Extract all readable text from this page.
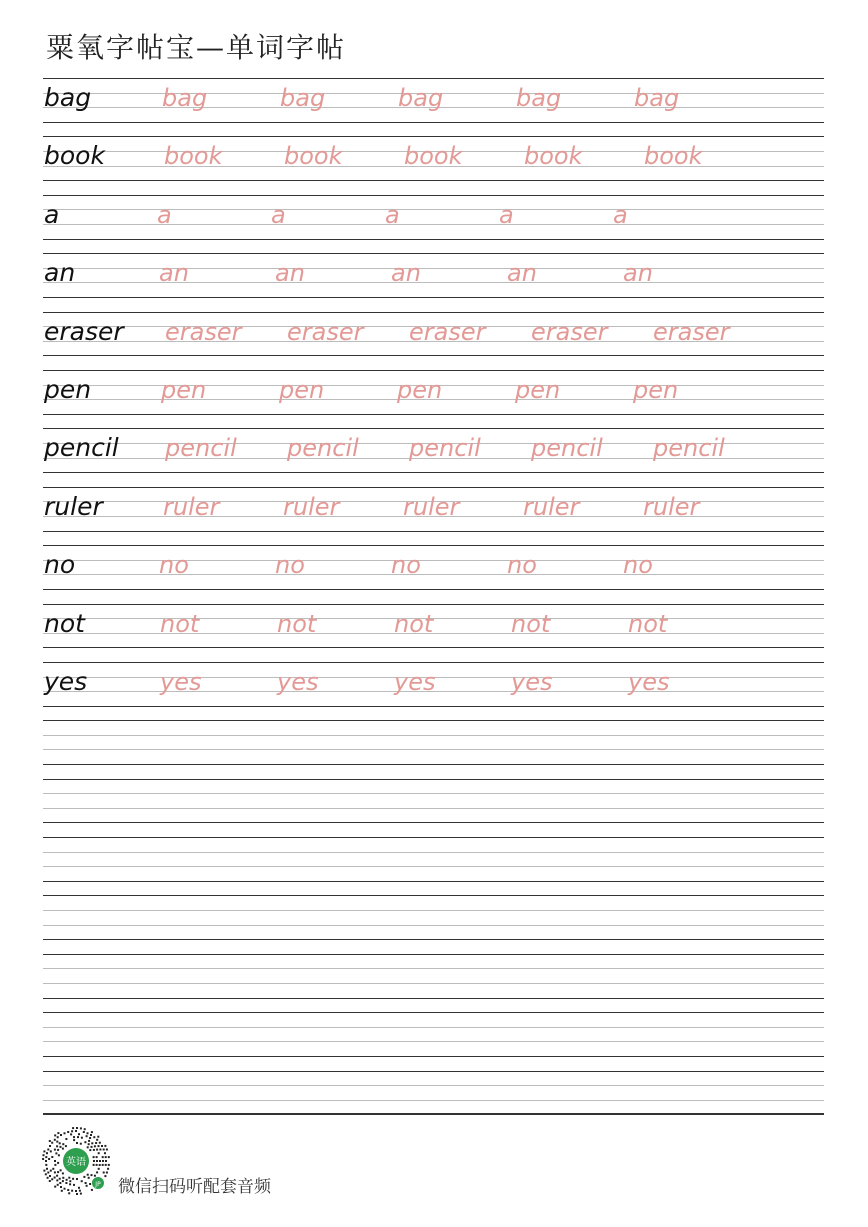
粟氧字帖宝—单词字帖
bag	bag	bag	bag	bag	bag
book book	book	book	book	book
a	a	a	a	a	a
an	an	an	an	an	an
eraser eraser eraser eraser eraser eraser
pen	pen	pen	pen	pen	pen
pencil pencil pencil pencil pencil pencil
ruler	ruler	ruler	ruler	ruler	ruler
no	no	no	no	no	no
not	not	not	not	not	not
yes	yes	yes	yes	yes	yes
英语
JP 微信扫码听配套音频
